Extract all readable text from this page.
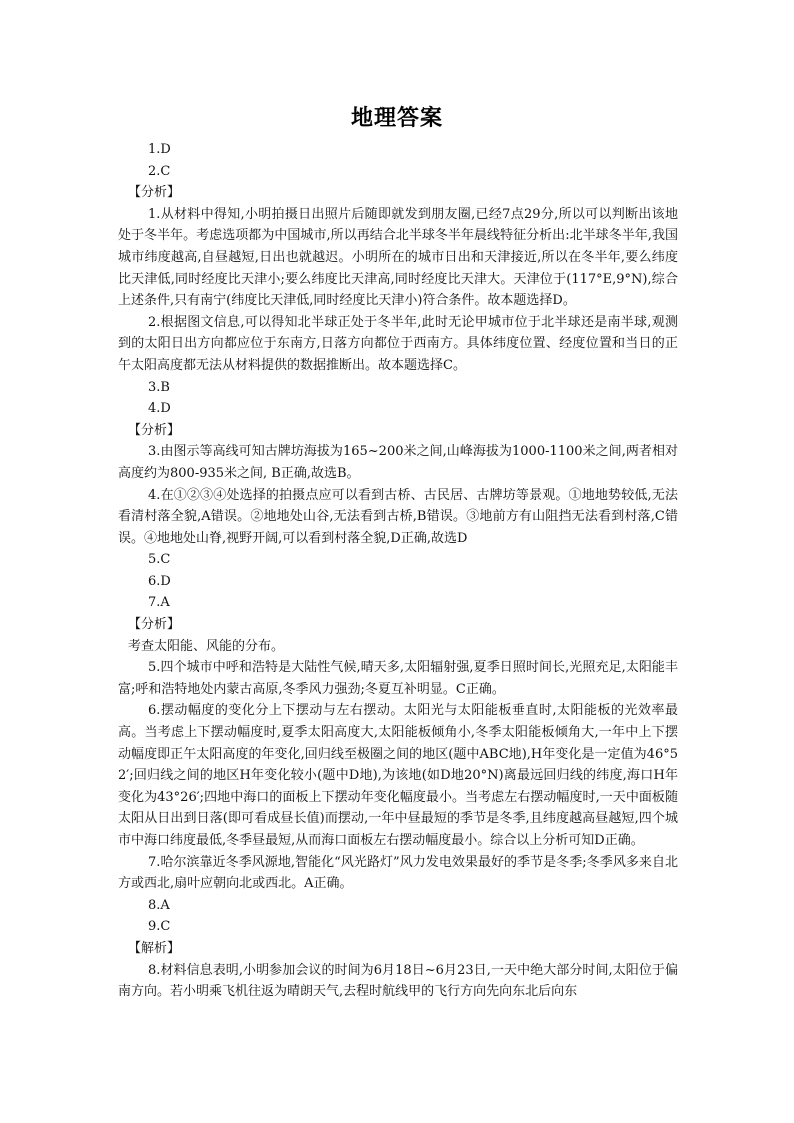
地理答案
1.D
2.C
【分析】
1.从材料中得知,小明拍摄日出照片后随即就发到朋友圈,已经7点29分,所以可以判断出该地处于冬半年。考虑选项都为中国城市,所以再结合北半球冬半年晨线特征分析出:北半球冬半年,我国城市纬度越高,自昼越短,日出也就越迟。小明所在的城市日出和天津接近,所以在冬半年,要么纬度比天津低,同时经度比天津小;要么纬度比天津高,同时经度比天津大。天津位于(117°E,9°N),综合上述条件,只有南宁(纬度比天津低,同时经度比天津小)符合条件。故本题选择D。
2.根据图文信息,可以得知北半球正处于冬半年,此时无论甲城市位于北半球还是南半球,观测到的太阳日出方向都应位于东南方,日落方向都位于西南方。具体纬度位置、经度位置和当日的正午太阳高度都无法从材料提供的数据推断出。故本题选择C。
3.B
4.D
【分析】
3.由图示等高线可知古牌坊海拔为165~200米之间,山峰海拔为1000-1100米之间,两者相对高度约为800-935米之间, B正确,故选B。
4.在①②③④处选择的拍摄点应可以看到古桥、古民居、古牌坊等景观。①地地势较低,无法看清村落全貌,A错误。②地地处山谷,无法看到古桥,B错误。③地前方有山阻挡无法看到村落,C错误。④地地处山脊,视野开阔,可以看到村落全貌,D正确,故选D
5.C
6.D
7.A
【分析】
考查太阳能、风能的分布。
5.四个城市中呼和浩特是大陆性气候,晴天多,太阳辐射强,夏季日照时间长,光照充足,太阳能丰富;呼和浩特地处内蒙古高原,冬季风力强劲;冬夏互补明显。C正确。
6.摆动幅度的变化分上下摆动与左右摆动。太阳光与太阳能板垂直时,太阳能板的光效率最高。当考虑上下摆动幅度时,夏季太阳高度大,太阳能板倾角小,冬季太阳能板倾角大,一年中上下摆动幅度即正午太阳高度的年变化,回归线至极圈之间的地区(题中ABC地),H年变化是一定值为46°52′;回归线之间的地区H年变化较小(题中D地),为该地(如D地20°N)离最远回归线的纬度,海口H年变化为43°26′;四地中海口的面板上下摆动年变化幅度最小。当考虑左右摆动幅度时,一天中面板随太阳从日出到日落(即可看成昼长值)而摆动,一年中昼最短的季节是冬季,且纬度越高昼越短,四个城市中海口纬度最低,冬季昼最短,从而海口面板左右摆动幅度最小。综合以上分析可知D正确。
7.哈尔滨靠近冬季风源地,智能化“风光路灯”风力发电效果最好的季节是冬季;冬季风多来自北方或西北,扇叶应朝向北或西北。A正确。
8.A
9.C
【解析】
8.材料信息表明,小明参加会议的时间为6月18日~6月23日,一天中绝大部分时间,太阳位于偏南方向。若小明乘飞机往返为晴朗天气,去程时航线甲的飞行方向先向东北后向东
